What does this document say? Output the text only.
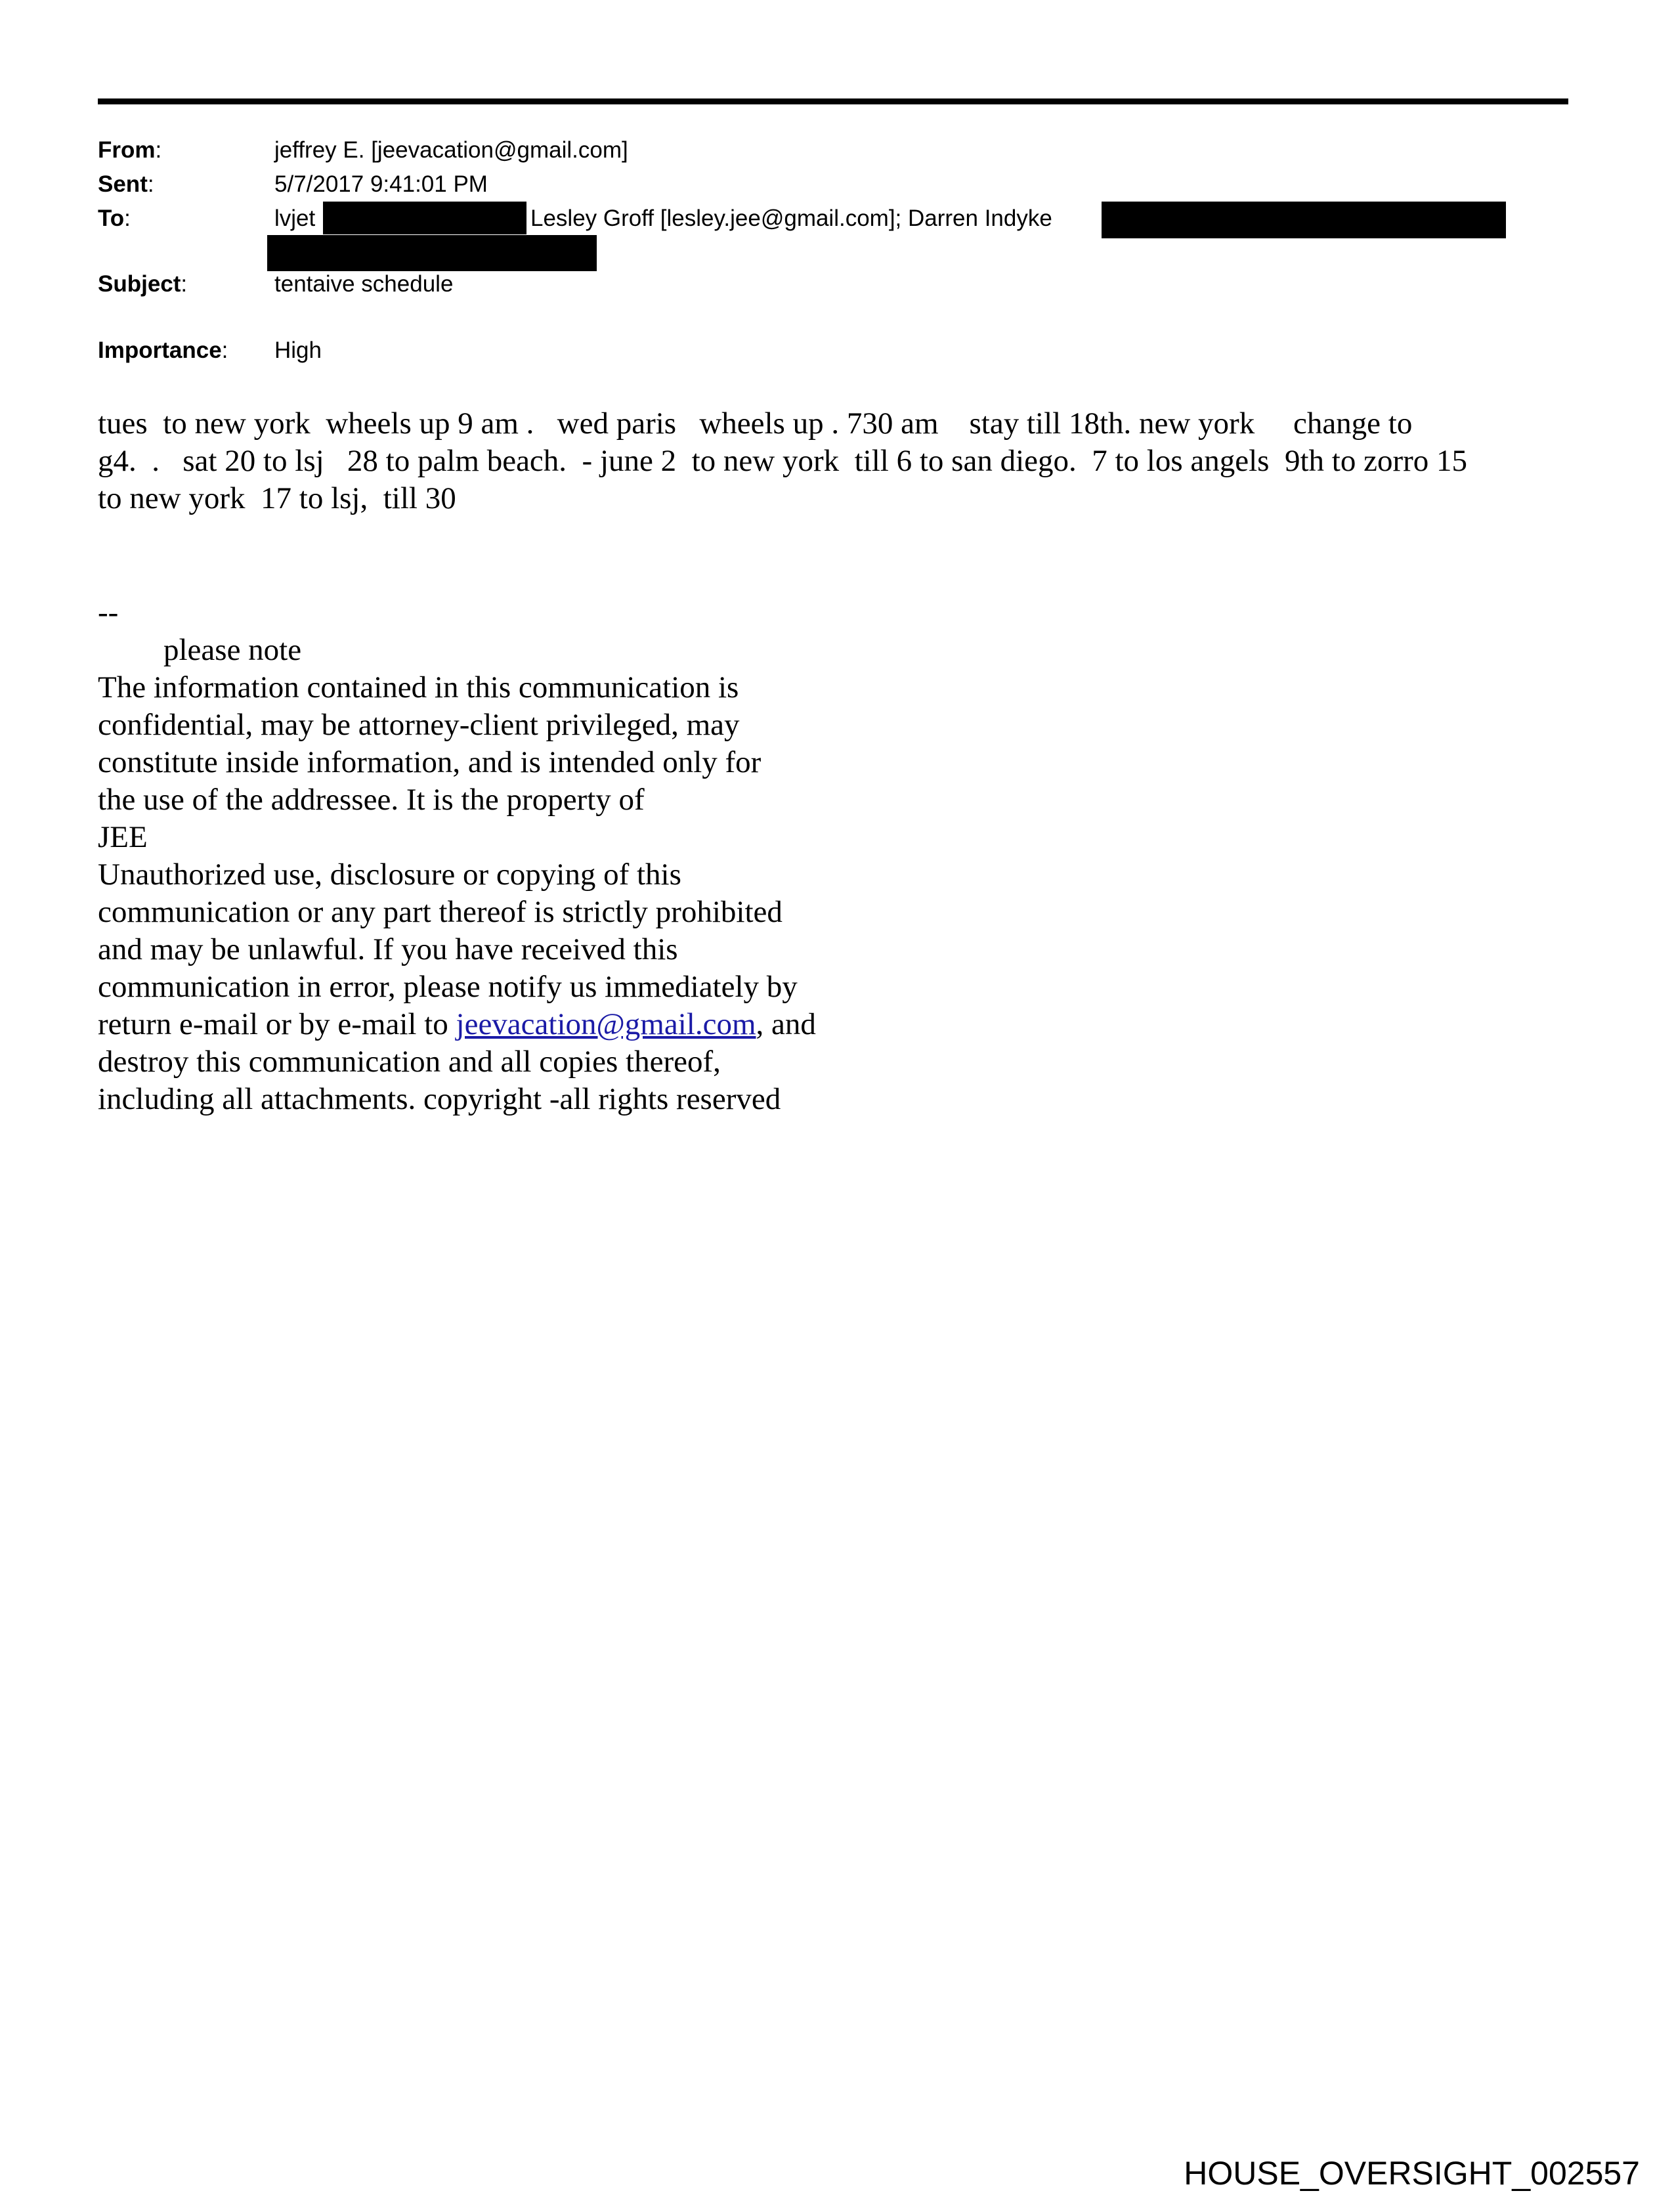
From:	jeffrey E. [jeevacation@gmail.com]
Sent:	5/7/2017 9:41:01 PM
To:	lvjet	Lesley Groff [lesley.jee@gmail.com]; Darren Indyke
Subject:	tentaive schedule
Importance: High
tues  to new york  wheels up 9 am .   wed paris   wheels up . 730 am    stay till 18th. new york     change to
g4.  .   sat 20 to lsj   28 to palm beach.  - june 2  to new york  till 6 to san diego.  7 to los angels  9th to zorro 15
to new york  17 to lsj,  till 30
--
please note
The information contained in this communication is
confidential, may be attorney-client privileged, may
constitute inside information, and is intended only for
the use of the addressee. It is the property of
JEE
Unauthorized use, disclosure or copying of this
communication or any part thereof is strictly prohibited
and may be unlawful. If you have received this
communication in error, please notify us immediately by
return e-mail or by e-mail to jeevacation@gmail.com, and
destroy this communication and all copies thereof,
including all attachments. copyright -all rights reserved
HOUSE_OVERSIGHT_002557
